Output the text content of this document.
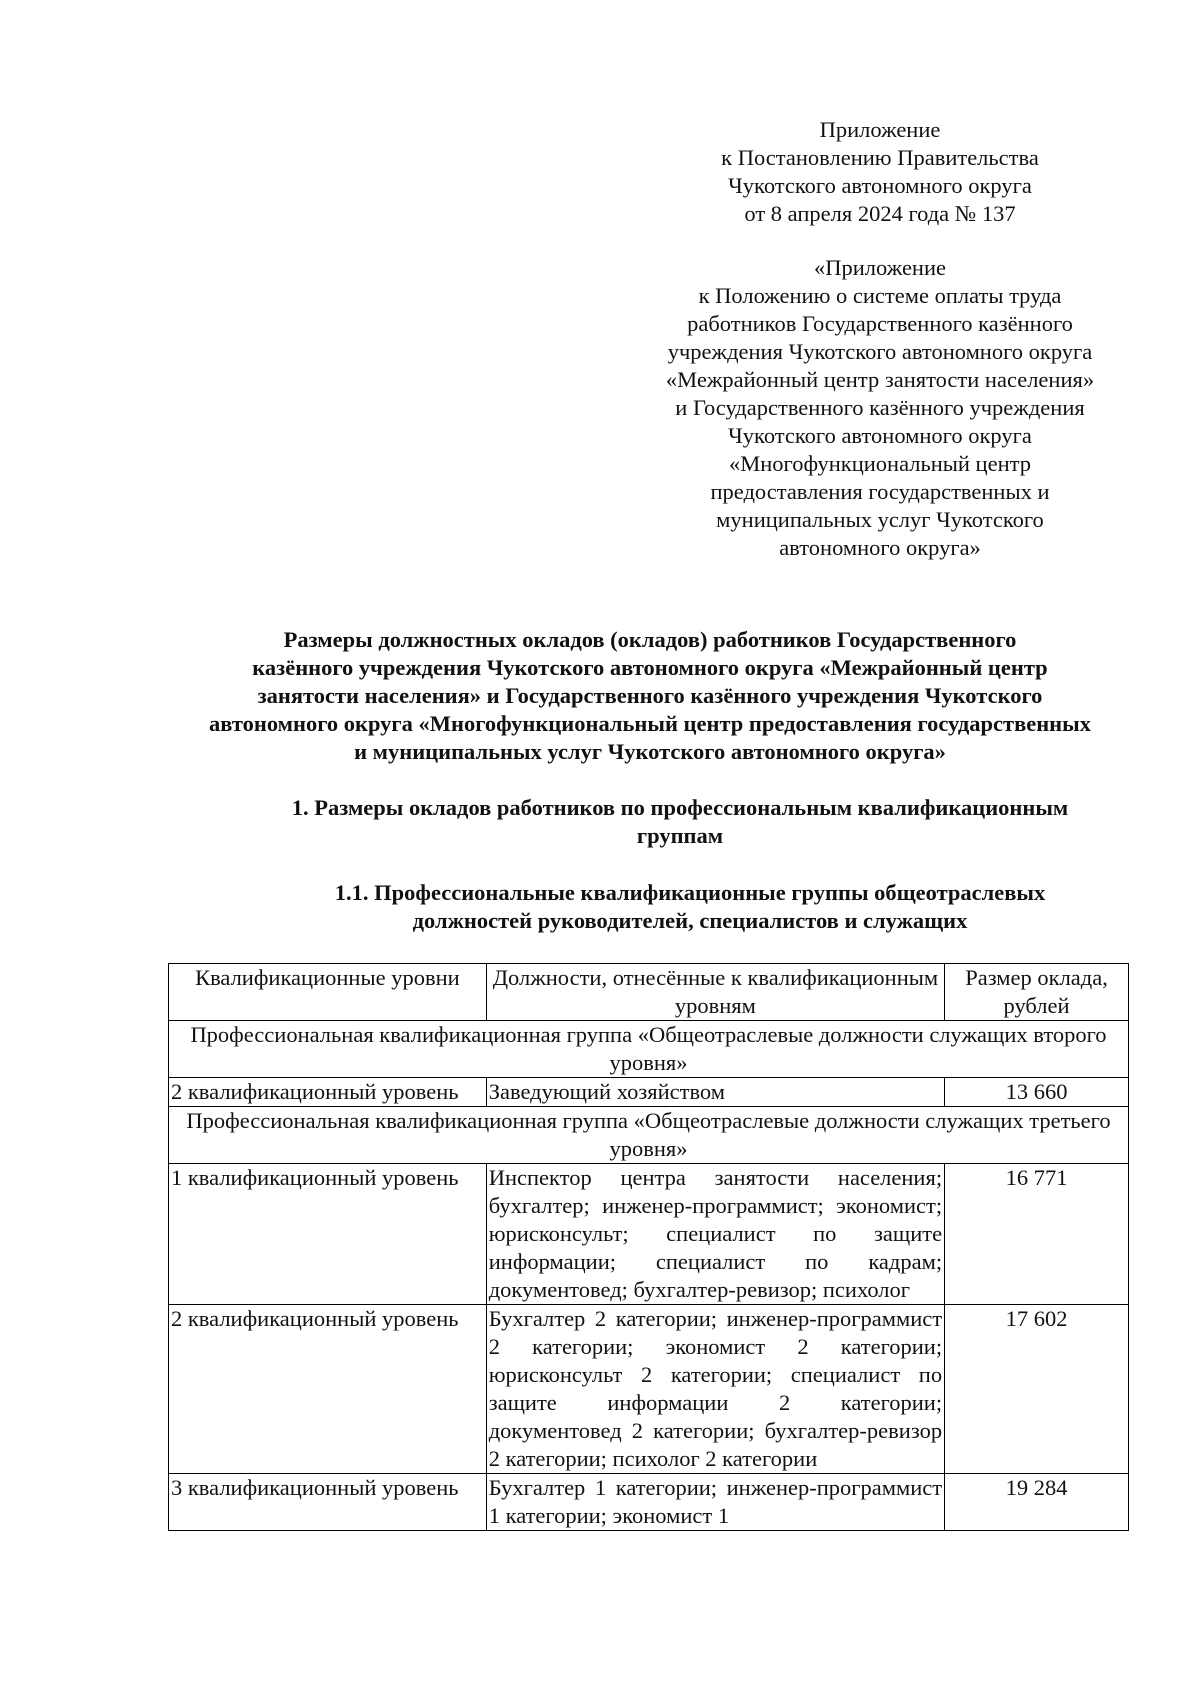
Приложение
к Постановлению Правительства
Чукотского автономного округа
от 8 апреля 2024 года № 137
«Приложение
к Положению о системе оплаты труда
работников Государственного казённого
учреждения Чукотского автономного округа
«Межрайонный центр занятости населения»
и Государственного казённого учреждения
Чукотского автономного округа
«Многофункциональный центр
предоставления государственных и
муниципальных услуг Чукотского
автономного округа»
Размеры должностных окладов (окладов) работников Государственного
казённого учреждения Чукотского автономного округа «Межрайонный центр
занятости населения» и Государственного казённого учреждения Чукотского
автономного округа «Многофункциональный центр предоставления государственных
и муниципальных услуг Чукотского автономного округа»
1. Размеры окладов работников по профессиональным квалификационным
группам
1.1. Профессиональные квалификационные группы общеотраслевых
должностей руководителей, специалистов и служащих
Квалификационные уровни	Должности, отнесённые к квалификационным уровням	Размер оклада, рублей
Профессиональная квалификационная группа «Общеотраслевые должности служащих второго уровня»		
2 квалификационный уровень	Заведующий хозяйством	13 660
Профессиональная квалификационная группа «Общеотраслевые должности служащих третьего уровня»		
1 квалификационный уровень	Инспектор центра занятости населения; бухгалтер; инженер-программист; экономист; юрисконсульт; специалист по защите информации; специалист по кадрам; документовед; бухгалтер-ревизор; психолог	16 771
2 квалификационный уровень	Бухгалтер 2 категории; инженер-программист 2 категории; экономист 2 категории; юрисконсульт 2 категории; специалист по защите информации 2 категории; документовед 2 категории; бухгалтер-ревизор 2 категории; психолог 2 категории	17 602
3 квалификационный уровень	Бухгалтер 1 категории; инженер-программист 1 категории; экономист 1	19 284
